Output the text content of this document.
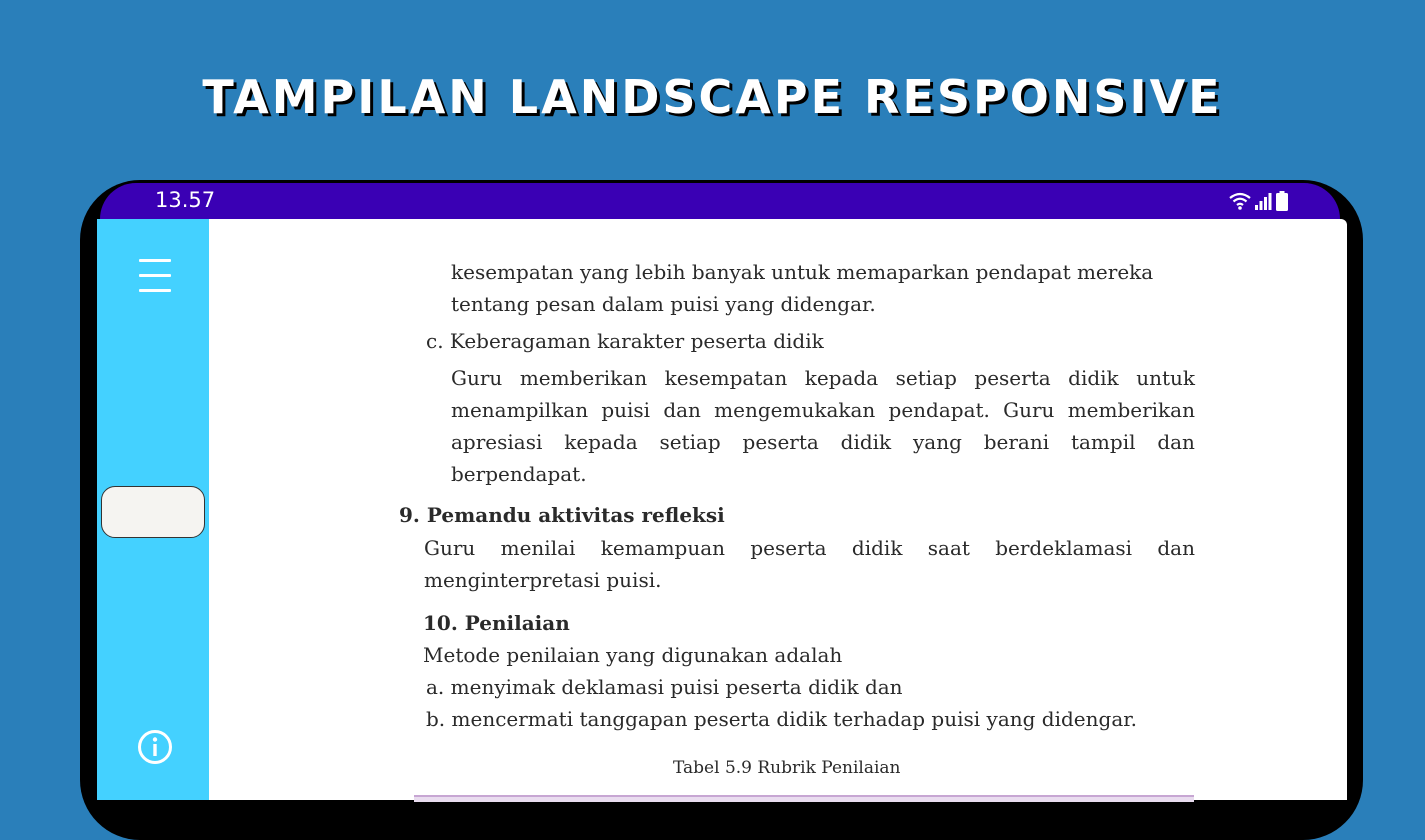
TAMPILAN LANDSCAPE RESPONSIVE
13.57
kesempatan yang lebih banyak untuk memaparkan pendapat mereka
tentang pesan dalam puisi yang didengar.
c. Keberagaman karakter peserta didik
Guru memberikan kesempatan kepada setiap peserta didik untuk
menampilkan puisi dan mengemukakan pendapat. Guru memberikan
apresiasi kepada setiap peserta didik yang berani tampil dan
berpendapat.
9. Pemandu aktivitas refleksi
Guru menilai kemampuan peserta didik saat berdeklamasi dan
menginterpretasi puisi.
10. Penilaian
Metode penilaian yang digunakan adalah
a. menyimak deklamasi puisi peserta didik dan
b. mencermati tanggapan peserta didik terhadap puisi yang didengar.
Tabel 5.9 Rubrik Penilaian
